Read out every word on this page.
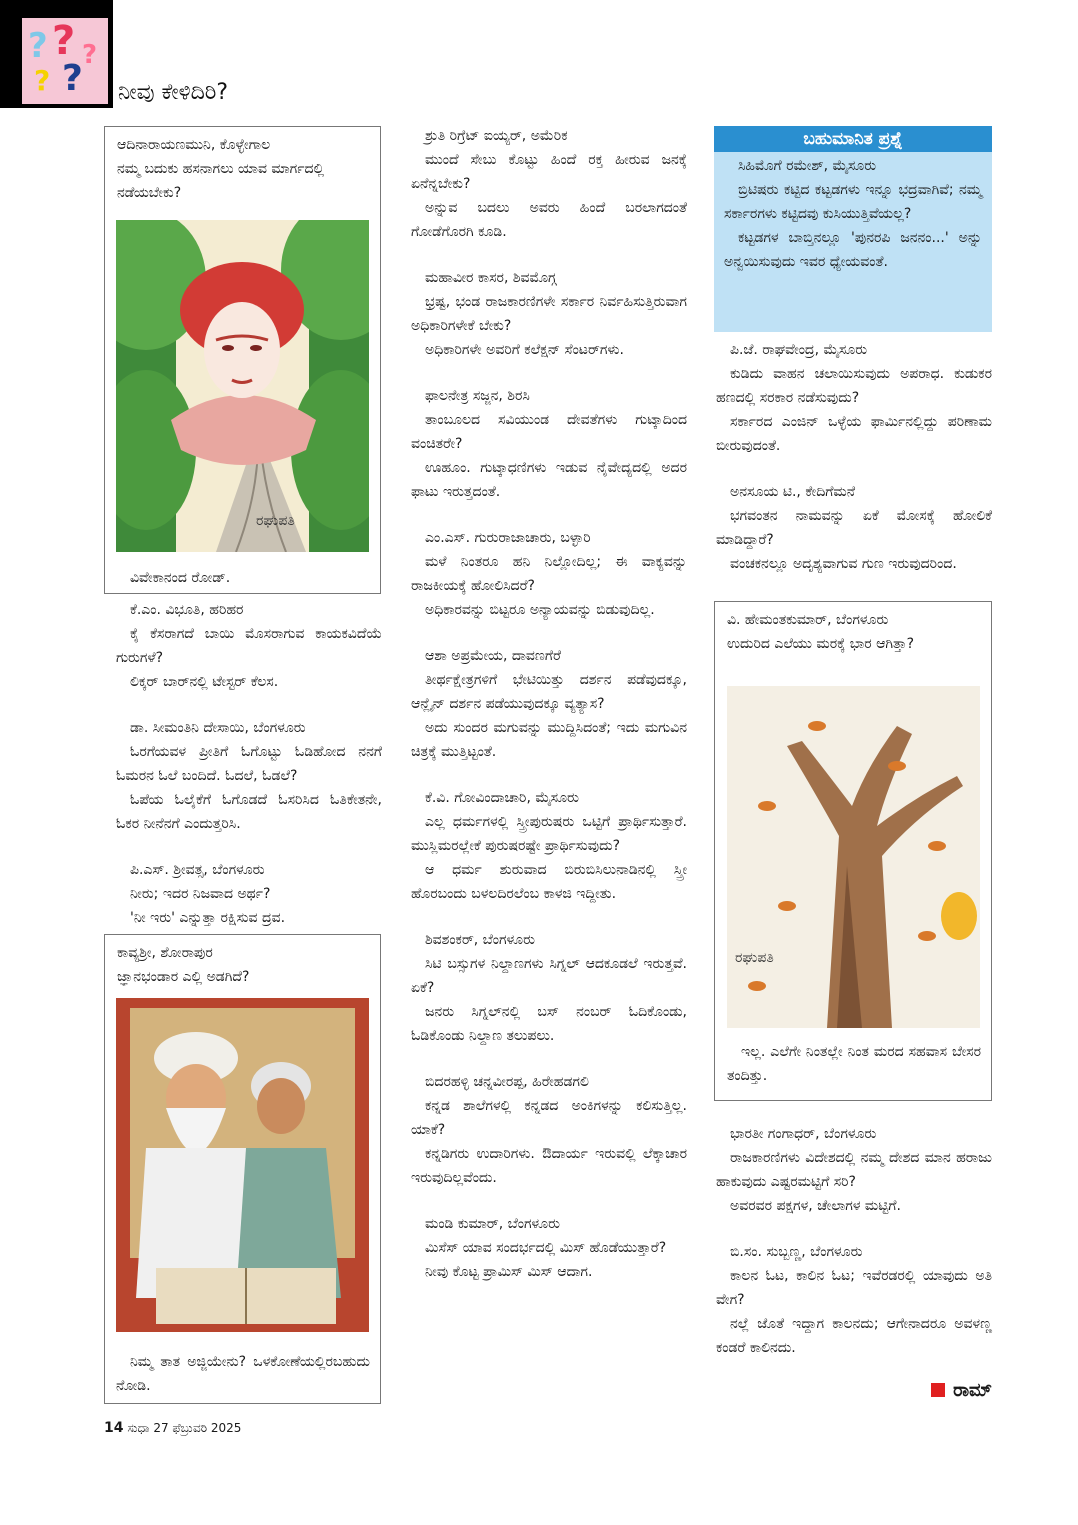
? ?
?
?
?
ನೀವು ಕೇಳಿದಿರಿ?

ಆದಿನಾರಾಯಣಮುನಿ, ಕೊಳ್ಳೇಗಾಲ

ನಮ್ಮ ಬದುಕು ಹಸನಾಗಲು ಯಾವ ಮಾರ್ಗದಲ್ಲಿ ನಡೆಯಬೇಕು?

ರಘುಪತಿ
ವಿವೇಕಾನಂದ ರೋಡ್.

ಕೆ.ಎಂ. ವಿಭೂತಿ, ಹರಿಹರ

ಕೈ ಕೆಸರಾಗದೆ ಬಾಯಿ ಮೊಸರಾಗುವ ಕಾಯಕವಿದೆಯೆ ಗುರುಗಳೆ?

ಲಿಕ್ಕರ್ ಬಾರ್‌ನಲ್ಲಿ ಟೇಸ್ಟರ್ ಕೆಲಸ.

ಡಾ. ಸೀಮಂತಿನಿ ದೇಸಾಯಿ, ಬೆಂಗಳೂರು

ಓರಗೆಯವಳ ಪ್ರೀತಿಗೆ ಓಗೊಟ್ಟು ಓಡಿಹೋದ ನನಗೆ ಓಮರನ ಓಲೆ ಬಂದಿದೆ. ಓದಲೆ, ಓಡಲೆ?

ಓಪೆಯ ಓಲೈಕೆಗೆ ಓಗೊಡದೆ ಓಸರಿಸಿದ ಓತಿಕೇತನೇ, ಓಕರ ನೀನೆನಗೆ ಎಂದುತ್ತರಿಸಿ.

ಪಿ.ಎಸ್. ಶ್ರೀವತ್ಸ, ಬೆಂಗಳೂರು

ನೀರು; ಇದರ ನಿಜವಾದ ಅರ್ಥ?

'ನೀ ಇರು' ಎನ್ನುತ್ತಾ ರಕ್ಷಿಸುವ ದ್ರವ.

ಕಾವ್ಯಶ್ರೀ, ಶೋರಾಪುರ

ಜ್ಞಾನಭಂಡಾರ ಎಲ್ಲಿ ಅಡಗಿದೆ?

ನಿಮ್ಮ ತಾತ ಅಜ್ಜಿಯೇನು? ಒಳಕೋಣೆಯಲ್ಲಿರಬಹುದು ನೋಡಿ.

ಶ್ರುತಿ ರಿಗ್ರೆಟ್ ಐಯ್ಯರ್, ಅಮೆರಿಕ

ಮುಂದೆ ಸೇಬು ಕೊಟ್ಟು ಹಿಂದೆ ರಕ್ತ ಹೀರುವ ಜನಕ್ಕೆ ಏನೆನ್ನಬೇಕು?

ಅನ್ನುವ ಬದಲು ಅವರು ಹಿಂದೆ ಬರಲಾಗದಂತೆ ಗೋಡೆಗೊರಗಿ ಕೂಡಿ.

ಮಹಾವೀರ ಕಾಸರ, ಶಿವಮೊಗ್ಗ

ಭ್ರಷ್ಟ, ಭಂಡ ರಾಜಕಾರಣಿಗಳೇ ಸರ್ಕಾರ ನಿರ್ವಹಿಸುತ್ತಿರುವಾಗ ಅಧಿಕಾರಿಗಳೇಕೆ ಬೇಕು?

ಅಧಿಕಾರಿಗಳೇ ಅವರಿಗೆ ಕಲೆಕ್ಷನ್ ಸೆಂಟರ್‌ಗಳು.

ಫಾಲನೇತ್ರ ಸಜ್ಜನ, ಶಿರಸಿ

ತಾಂಬೂಲದ ಸವಿಯುಂಡ ದೇವತೆಗಳು ಗುಟ್ಕಾದಿಂದ ವಂಚಿತರೇ?

ಊಹೂಂ. ಗುಟ್ಕಾಧಣಿಗಳು ಇಡುವ ನೈವೇದ್ಯದಲ್ಲಿ ಅದರ ಫಾಟು ಇರುತ್ತದಂತೆ.

ಎಂ.ಎಸ್. ಗುರುರಾಜಾಚಾರು, ಬಳ್ಳಾರಿ

ಮಳೆ ನಿಂತರೂ ಹನಿ ನಿಲ್ಲೋದಿಲ್ಲ; ಈ ವಾಕ್ಯವನ್ನು ರಾಜಕೀಯಕ್ಕೆ ಹೋಲಿಸಿದರೆ?

ಅಧಿಕಾರವನ್ನು ಬಿಟ್ಟರೂ ಅನ್ಯಾಯವನ್ನು ಬಿಡುವುದಿಲ್ಲ.

ಆಶಾ ಅಪ್ರಮೇಯ, ದಾವಣಗೆರೆ

ತೀರ್ಥಕ್ಷೇತ್ರಗಳಿಗೆ ಭೇಟಿಯಿತ್ತು ದರ್ಶನ ಪಡೆವುದಕ್ಕೂ, ಆನ್ಲೈನ್ ದರ್ಶನ ಪಡೆಯುವುದಕ್ಕೂ ವ್ಯತ್ಯಾಸ?

ಅದು ಸುಂದರ ಮಗುವನ್ನು ಮುದ್ದಿಸಿದಂತೆ; ಇದು ಮಗುವಿನ ಚಿತ್ರಕ್ಕೆ ಮುತ್ತಿಟ್ಟಂತೆ.

ಕೆ.ವಿ. ಗೋವಿಂದಾಚಾರಿ, ಮೈಸೂರು

ಎಲ್ಲ ಧರ್ಮಗಳಲ್ಲಿ ಸ್ತ್ರೀಪುರುಷರು ಒಟ್ಟಿಗೆ ಪ್ರಾರ್ಥಿಸುತ್ತಾರೆ. ಮುಸ್ಲಿಮರಲ್ಲೇಕೆ ಪುರುಷರಷ್ಟೇ ಪ್ರಾರ್ಥಿಸುವುದು?

ಆ ಧರ್ಮ ಶುರುವಾದ ಬಿರುಬಿಸಿಲುನಾಡಿನಲ್ಲಿ ಸ್ತ್ರೀ ಹೊರಬಂದು ಬಳಲದಿರಲೆಂಬ ಕಾಳಜಿ ಇದ್ದೀತು.

ಶಿವಶಂಕರ್, ಬೆಂಗಳೂರು

ಸಿಟಿ ಬಸ್ಸುಗಳ ನಿಲ್ದಾಣಗಳು ಸಿಗ್ನಲ್ ಆದಕೂಡಲೆ ಇರುತ್ತವೆ. ಏಕೆ?

ಜನರು ಸಿಗ್ನಲ್‌ನಲ್ಲಿ ಬಸ್ ನಂಬರ್ ಓದಿಕೊಂಡು, ಓಡಿಕೊಂಡು ನಿಲ್ದಾಣ ತಲುಪಲು.

ಬಿದರಹಳ್ಳಿ ಚನ್ನವೀರಪ್ಪ, ಹಿರೇಹಡಗಲಿ

ಕನ್ನಡ ಶಾಲೆಗಳಲ್ಲಿ ಕನ್ನಡದ ಅಂಕಿಗಳನ್ನು ಕಲಿಸುತ್ತಿಲ್ಲ. ಯಾಕೆ?

ಕನ್ನಡಿಗರು ಉದಾರಿಗಳು. ಔದಾರ್ಯ ಇರುವಲ್ಲಿ ಲೆಕ್ಕಾಚಾರ ಇರುವುದಿಲ್ಲವೆಂದು.

ಮಂಡಿ ಕುಮಾರ್, ಬೆಂಗಳೂರು

ಮಿಸೆಸ್ ಯಾವ ಸಂದರ್ಭದಲ್ಲಿ ಮಿಸ್ ಹೊಡೆಯುತ್ತಾರೆ?

ನೀವು ಕೊಟ್ಟ ಪ್ರಾಮಿಸ್ ಮಿಸ್ ಆದಾಗ.

ಬಹುಮಾನಿತ ಪ್ರಶ್ನೆ

ಸಿಹಿಮೊಗೆ ರಮೇಶ್, ಮೈಸೂರು

ಬ್ರಿಟಿಷರು ಕಟ್ಟಿದ ಕಟ್ಟಡಗಳು ಇನ್ನೂ ಭದ್ರವಾಗಿವೆ; ನಮ್ಮ ಸರ್ಕಾರಗಳು ಕಟ್ಟಿದವು ಕುಸಿಯುತ್ತಿವೆಯಲ್ಲ?

ಕಟ್ಟಡಗಳ ಬಾಬ್ತಿನಲ್ಲೂ 'ಪುನರಪಿ ಜನನಂ...' ಅನ್ನು ಅನ್ವಯಿಸುವುದು ಇವರ ಧ್ಯೇಯವಂತೆ.

ಪಿ.ಜೆ. ರಾಘವೇಂದ್ರ, ಮೈಸೂರು

ಕುಡಿದು ವಾಹನ ಚಲಾಯಿಸುವುದು ಅಪರಾಧ. ಕುಡುಕರ ಹಣದಲ್ಲಿ ಸರಕಾರ ನಡೆಸುವುದು?

ಸರ್ಕಾರದ ಎಂಜಿನ್ ಒಳ್ಳೆಯ ಫಾರ್ಮಿನಲ್ಲಿದ್ದು ಪರಿಣಾಮ ಬೀರುವುದಂತೆ.

ಅನಸೂಯ ಟಿ., ಕೇದಿಗೆಮನೆ

ಭಗವಂತನ ನಾಮವನ್ನು ಏಕೆ ಮೋಸಕ್ಕೆ ಹೋಲಿಕೆ ಮಾಡಿದ್ದಾರೆ?

ವಂಚಕನಲ್ಲೂ ಅದೃಶ್ಯವಾಗುವ ಗುಣ ಇರುವುದರಿಂದ.

ವಿ. ಹೇಮಂತಕುಮಾರ್, ಬೆಂಗಳೂರು

ಉದುರಿದ ಎಲೆಯು ಮರಕ್ಕೆ ಭಾರ ಆಗಿತ್ತಾ?

ರಘುಪತಿ
ಇಲ್ಲ. ಎಲೆಗೇ ನಿಂತಲ್ಲೇ ನಿಂತ ಮರದ ಸಹವಾಸ ಬೇಸರ ತಂದಿತ್ತು.

ಭಾರತೀ ಗಂಗಾಧರ್, ಬೆಂಗಳೂರು

ರಾಜಕಾರಣಿಗಳು ವಿದೇಶದಲ್ಲಿ ನಮ್ಮ ದೇಶದ ಮಾನ ಹರಾಜು ಹಾಕುವುದು ಎಷ್ಟರಮಟ್ಟಿಗೆ ಸರಿ?

ಅವರವರ ಪಕ್ಷಗಳ, ಚೇಲಾಗಳ ಮಟ್ಟಿಗೆ.

ಬಿ.ಸಂ. ಸುಬ್ಬಣ್ಣ, ಬೆಂಗಳೂರು

ಕಾಲನ ಓಟ, ಕಾಲಿನ ಓಟ; ಇವೆರಡರಲ್ಲಿ ಯಾವುದು ಅತಿ ವೇಗ?

ನಲ್ಲೆ ಜೊತೆ ಇದ್ದಾಗ ಕಾಲನದು; ಆಗೇನಾದರೂ ಅವಳಣ್ಣ ಕಂಡರೆ ಕಾಲಿನದು.

ರಾಮ್
14 ಸುಧಾ 27 ಫೆಬ್ರುವರಿ 2025
